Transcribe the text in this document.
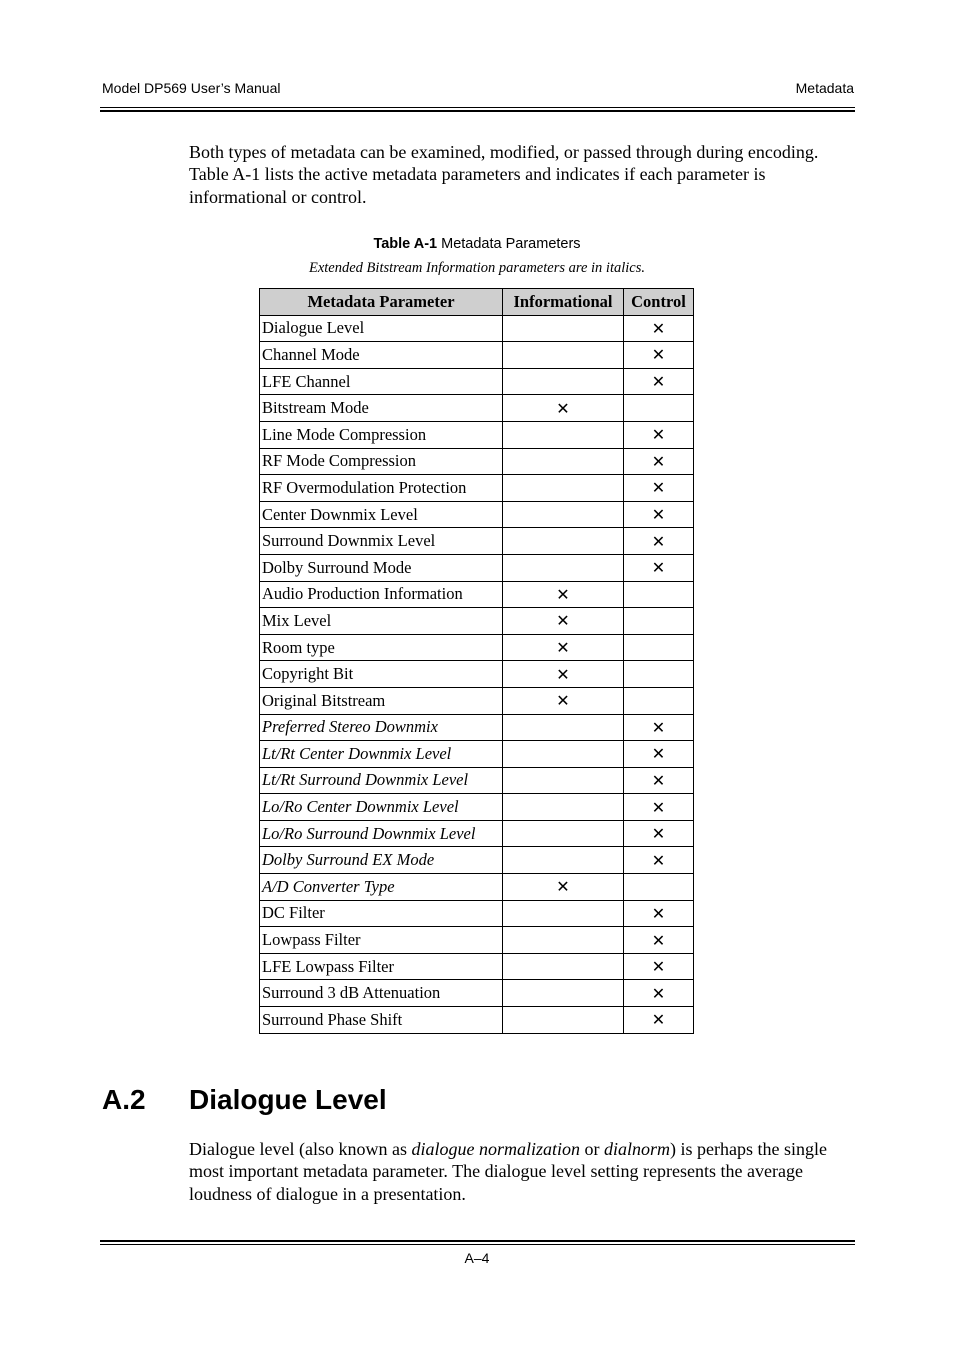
Model DP569 User’s Manual	Metadata

Both types of metadata can be examined, modified, or passed through during encoding. Table A-1 lists the active metadata parameters and indicates if each parameter is informational or control.

Table A-1 Metadata Parameters
Extended Bitstream Information parameters are in italics.
Metadata Parameter	Informational	Control
Dialogue Level		✕
Channel Mode		✕
LFE Channel		✕
Bitstream Mode	✕	
Line Mode Compression		✕
RF Mode Compression		✕
RF Overmodulation Protection		✕
Center Downmix Level		✕
Surround Downmix Level		✕
Dolby Surround Mode		✕
Audio Production Information	✕	
Mix Level	✕	
Room type	✕	
Copyright Bit	✕	
Original Bitstream	✕	
Preferred Stereo Downmix		✕
Lt/Rt Center Downmix Level		✕
Lt/Rt Surround Downmix Level		✕
Lo/Ro Center Downmix Level		✕
Lo/Ro Surround Downmix Level		✕
Dolby Surround EX Mode		✕
A/D Converter Type	✕	
DC Filter		✕
Lowpass Filter		✕
LFE Lowpass Filter		✕
Surround 3 dB Attenuation		✕
Surround Phase Shift		✕
A.2 Dialogue Level

Dialogue level (also known as dialogue normalization or dialnorm) is perhaps the single most important metadata parameter. The dialogue level setting represents the average loudness of dialogue in a presentation.

A–4
